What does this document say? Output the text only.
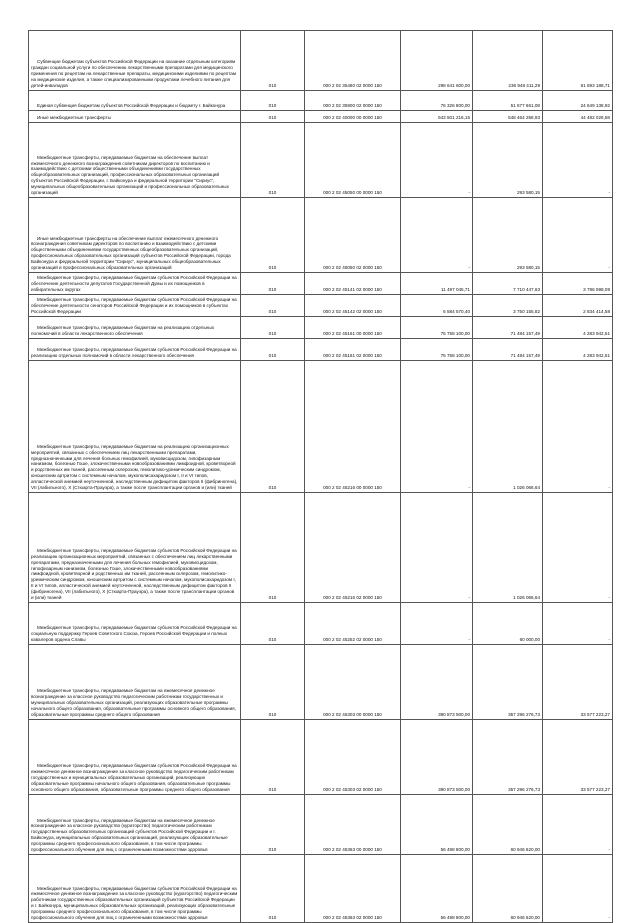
Субвенции бюджетам субъектов Российской Федерации на оказание отдельным категориям граждан социальной услуги по обеспечению лекарственными препаратами для медицинского применения по рецептам на лекарственные препараты, медицинскими изделиями по рецептам на медицинские изделия, а также специализированными продуктами лечебного питания для детей-инвалидов	010	000 2 02 35460 02 0000 150	298 641 600,00	236 948 411,29	61 693 188,71
Единая субвенция бюджетам субъектов Российской Федерации и бюджету г. Байконура	010	000 2 02 35900 02 0000 150	76 326 800,00	51 677 661,08	24 649 138,92
Иные межбюджетные трансферты	010	000 2 02 40000 00 0000 150	543 501 216,15	548 464 258,93	44 482 026,58
Межбюджетные трансферты, передаваемые бюджетам на обеспечение выплат ежемесячного денежного вознаграждения советникам директоров по воспитанию и взаимодействию с детскими общественными объединениями государственных общеобразовательных организаций, профессиональных образовательных организаций субъектов Российской Федерации, г. Байконура и федеральной территории "Сириус", муниципальных общеобразовательных организаций и профессиональных образовательных организаций	010	000 2 02 45050 00 0000 150	-	293 580,15	-
Иные межбюджетные трансферты на обеспечение выплат ежемесячного денежного вознаграждения советникам директоров по воспитанию и взаимодействию с детскими общественными объединениями государственных общеобразовательных организаций, профессиональных образовательных организаций субъектов Российской Федерации, города Байконура и федеральной территории "Сириус", муниципальных общеобразовательных организаций и профессиональных образовательных организаций	010	000 2 02 45050 02 0000 150	-	293 580,15	-
Межбюджетные трансферты, передаваемые бюджетам субъектов Российской Федерации на обеспечение деятельности депутатов Государственной Думы и их помощников в избирательных округах	010	000 2 02 45141 02 0000 150	11 497 045,71	7 710 447,63	3 786 598,08
Межбюджетные трансферты, передаваемые бюджетам субъектов Российской Федерации на обеспечение деятельности сенаторов Российской Федерации и их помощников в субъектах Российской Федерации	010	000 2 02 45142 02 0000 150	6 584 570,40	3 750 155,82	2 834 414,58
Межбюджетные трансферты, передаваемые бюджетам на реализацию отдельных полномочий в области лекарственного обеспечения	010	000 2 02 45161 00 0000 150	75 758 100,00	71 484 157,49	4 283 942,51
Межбюджетные трансферты, передаваемые бюджетам субъектов Российской Федерации на реализацию отдельных полномочий в области лекарственного обеспечения	010	000 2 02 45161 02 0000 150	75 758 100,00	71 484 157,49	4 283 942,51
Межбюджетные трансферты, передаваемые бюджетам на реализацию организационных мероприятий, связанных с обеспечением лиц лекарственными препаратами, предназначенными для лечения больных гемофилией, муковисцидозом, гипофизарным нанизмом, болезнью Гоше, злокачественными новообразованиями лимфоидной, кроветворной и родственных им тканей, рассеянным склерозом, гемолитико-уремическим синдромом, юношеским артритом с системным началом, мукополисахаридозом I, II и VI типов, апластической анемией неуточненной, наследственным дефицитом факторов II (фибриногена), VII (лабильного), X (Стюарта-Прауэра), а также после трансплантации органов и (или) тканей	010	000 2 02 45216 00 0000 150	-	1 026 066,64	-
Межбюджетные трансферты, передаваемые бюджетам субъектов Российской Федерации на реализацию организационных мероприятий, связанных с обеспечением лиц лекарственными препаратами, предназначенными для лечения больных гемофилией, муковисцидозом, гипофизарным нанизмом, болезнью Гоше, злокачественными новообразованиями лимфоидной, кроветворной и родственных им тканей, рассеянным склерозом, гемолитико-уремическим синдромом, юношеским артритом с системным началом, мукополисахаридозом I, II и VI типов, апластической анемией неуточненной, наследственным дефицитом факторов II (фибриногена), VII (лабильного), X (Стюарта-Прауэра), а также после трансплантации органов и (или) тканей	010	000 2 02 45216 02 0000 150	-	1 026 066,64	-
Межбюджетные трансферты, передаваемые бюджетам субъектов Российской Федерации на социальную поддержку Героев Советского Союза, Героев Российской Федерации и полных кавалеров ордена Славы	010	000 2 02 45252 02 0000 150	-	60 000,00	-
Межбюджетные трансферты, передаваемые бюджетам на ежемесячное денежное вознаграждение за классное руководство педагогическим работникам государственных и муниципальных образовательных организаций, реализующих образовательные программы начального общего образования, образовательные программы основного общего образования, образовательные программы среднего общего образования	010	000 2 02 45303 00 0000 150	390 873 500,00	357 296 276,73	33 577 223,27
Межбюджетные трансферты, передаваемые бюджетам субъектов Российской Федерации на ежемесячное денежное вознаграждение за классное руководство педагогическим работникам государственных и муниципальных образовательных организаций, реализующих образовательные программы начального общего образования, образовательные программы основного общего образования, образовательные программы среднего общего образования	010	000 2 02 45303 02 0000 150	390 873 500,00	357 296 276,73	33 577 223,27
Межбюджетные трансферты, передаваемые бюджетам на ежемесячное денежное вознаграждение за классное руководство (кураторство) педагогическим работникам государственных образовательных организаций субъектов Российской Федерации и г. Байконура, муниципальных образовательных организаций, реализующих образовательные программы среднего профессионального образования, в том числе программы профессионального обучения для лиц с ограниченными возможностями здоровья	010	000 2 02 45363 00 0000 150	56 498 800,00	60 946 620,00	-
Межбюджетные трансферты, передаваемые бюджетам субъектов Российской Федерации на ежемесячное денежное вознаграждение за классное руководство (кураторство) педагогическим работникам государственных образовательных организаций субъектов Российской Федерации и г. Байконура, муниципальных образовательных организаций, реализующих образовательные программы среднего профессионального образования, в том числе программы профессионального обучения для лиц с ограниченными возможностями здоровья	010	000 2 02 45363 02 0000 150	56 498 800,00	60 946 620,00	-
